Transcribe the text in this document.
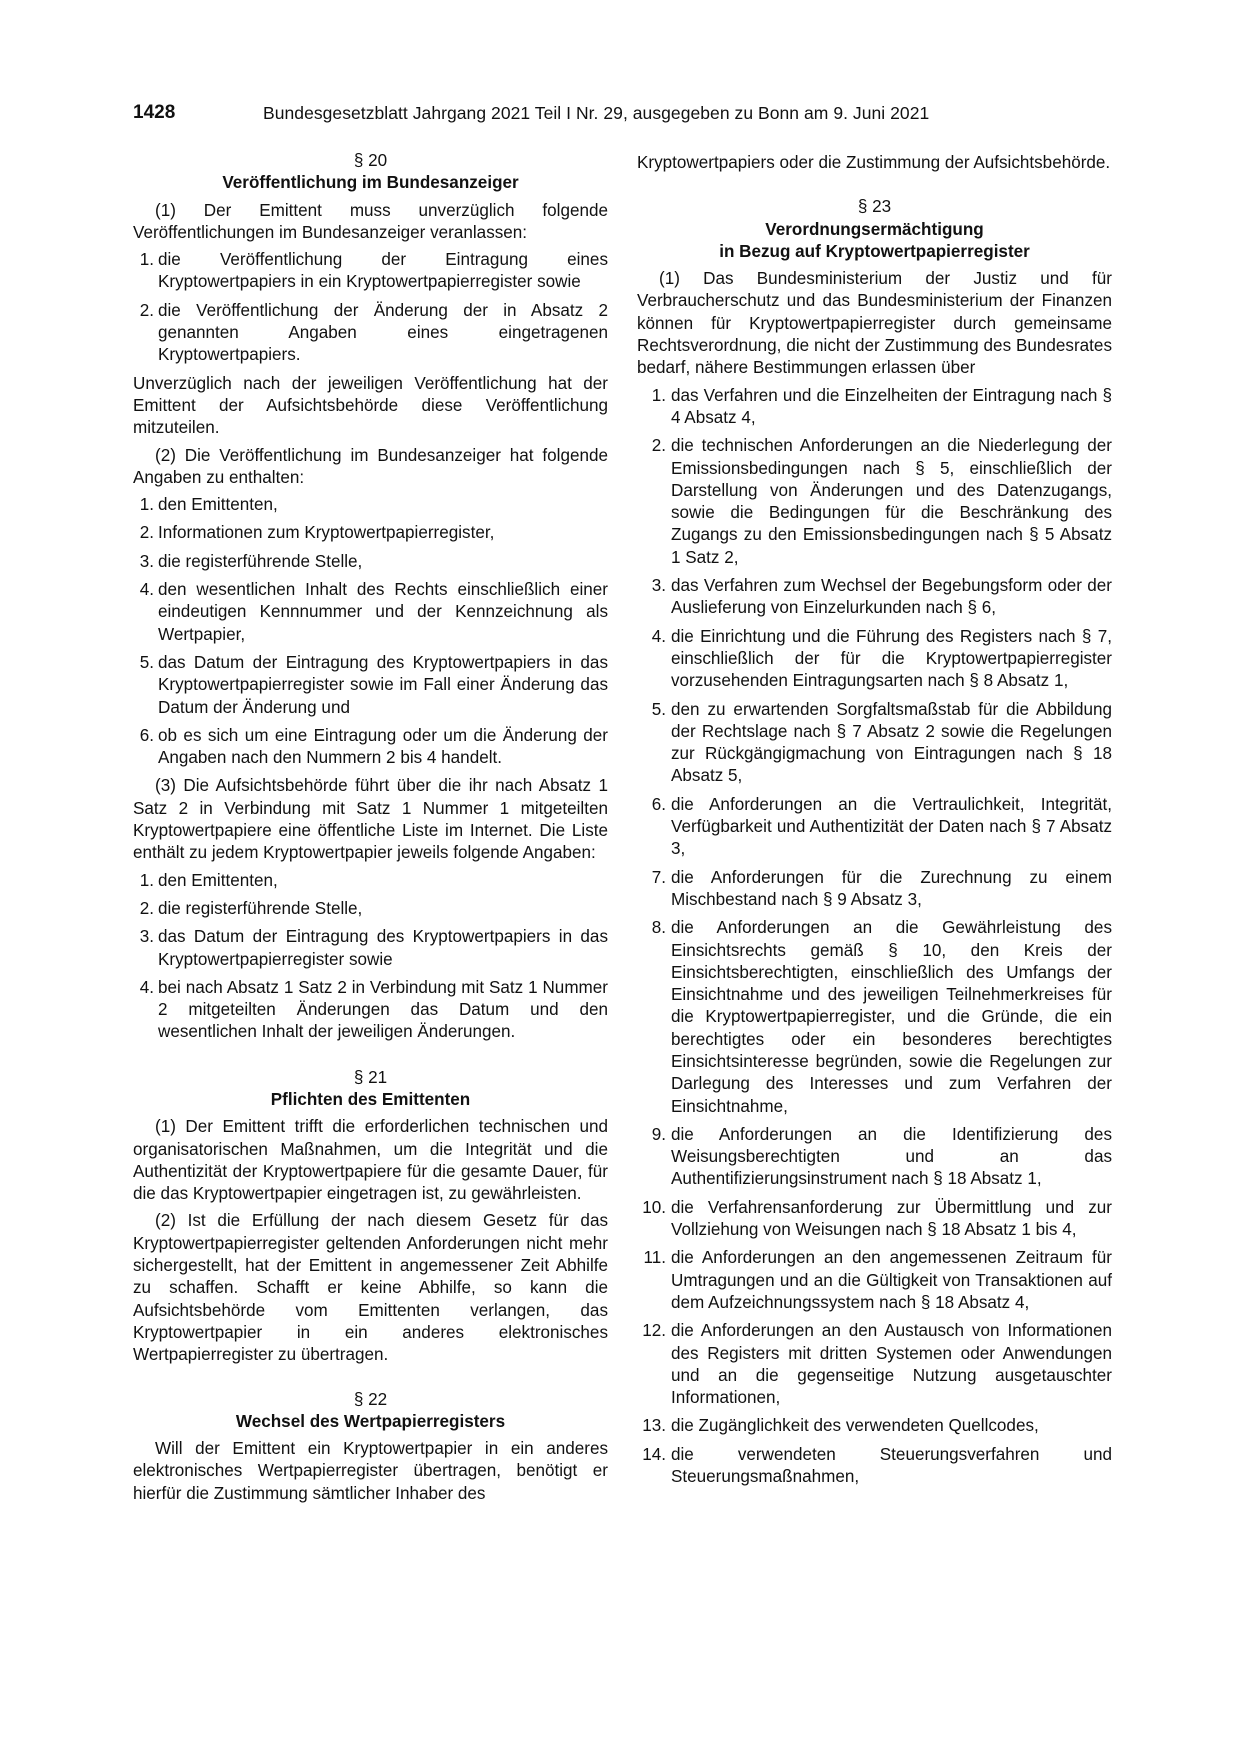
1428	Bundesgesetzblatt Jahrgang 2021 Teil I Nr. 29, ausgegeben zu Bonn am 9. Juni 2021
§ 20
Veröffentlichung im Bundesanzeiger

(1) Der Emittent muss unverzüglich folgende Veröffentlichungen im Bundesanzeiger veranlassen:

1. die Veröffentlichung der Eintragung eines Kryptowertpapiers in ein Kryptowertpapierregister sowie
2. die Veröffentlichung der Änderung der in Absatz 2 genannten Angaben eines eingetragenen Kryptowertpapiers.

Unverzüglich nach der jeweiligen Veröffentlichung hat der Emittent der Aufsichtsbehörde diese Veröffentlichung mitzuteilen.

(2) Die Veröffentlichung im Bundesanzeiger hat folgende Angaben zu enthalten:

1. den Emittenten,
2. Informationen zum Kryptowertpapierregister,
3. die registerführende Stelle,
4. den wesentlichen Inhalt des Rechts einschließlich einer eindeutigen Kennnummer und der Kennzeichnung als Wertpapier,
5. das Datum der Eintragung des Kryptowertpapiers in das Kryptowertpapierregister sowie im Fall einer Änderung das Datum der Änderung und
6. ob es sich um eine Eintragung oder um die Änderung der Angaben nach den Nummern 2 bis 4 handelt.

(3) Die Aufsichtsbehörde führt über die ihr nach Absatz 1 Satz 2 in Verbindung mit Satz 1 Nummer 1 mitgeteilten Kryptowertpapiere eine öffentliche Liste im Internet. Die Liste enthält zu jedem Kryptowertpapier jeweils folgende Angaben:

1. den Emittenten,
2. die registerführende Stelle,
3. das Datum der Eintragung des Kryptowertpapiers in das Kryptowertpapierregister sowie
4. bei nach Absatz 1 Satz 2 in Verbindung mit Satz 1 Nummer 2 mitgeteilten Änderungen das Datum und den wesentlichen Inhalt der jeweiligen Änderungen.
§ 21
Pflichten des Emittenten

(1) Der Emittent trifft die erforderlichen technischen und organisatorischen Maßnahmen, um die Integrität und die Authentizität der Kryptowertpapiere für die gesamte Dauer, für die das Kryptowertpapier eingetragen ist, zu gewährleisten.

(2) Ist die Erfüllung der nach diesem Gesetz für das Kryptowertpapierregister geltenden Anforderungen nicht mehr sichergestellt, hat der Emittent in angemessener Zeit Abhilfe zu schaffen. Schafft er keine Abhilfe, so kann die Aufsichtsbehörde vom Emittenten verlangen, das Kryptowertpapier in ein anderes elektronisches Wertpapierregister zu übertragen.

§ 22
Wechsel des Wertpapierregisters

Will der Emittent ein Kryptowertpapier in ein anderes elektronisches Wertpapierregister übertragen, benötigt er hierfür die Zustimmung sämtlicher Inhaber des

Kryptowertpapiers oder die Zustimmung der Aufsichtsbehörde.

§ 23
Verordnungsermächtigung
in Bezug auf Kryptowertpapierregister

(1) Das Bundesministerium der Justiz und für Verbraucherschutz und das Bundesministerium der Finanzen können für Kryptowertpapierregister durch gemeinsame Rechtsverordnung, die nicht der Zustimmung des Bundesrates bedarf, nähere Bestimmungen erlassen über

1. das Verfahren und die Einzelheiten der Eintragung nach § 4 Absatz 4,
2. die technischen Anforderungen an die Niederlegung der Emissionsbedingungen nach § 5, einschließlich der Darstellung von Änderungen und des Datenzugangs, sowie die Bedingungen für die Beschränkung des Zugangs zu den Emissionsbedingungen nach § 5 Absatz 1 Satz 2,
3. das Verfahren zum Wechsel der Begebungsform oder der Auslieferung von Einzelurkunden nach § 6,
4. die Einrichtung und die Führung des Registers nach § 7, einschließlich der für die Kryptowertpapierregister vorzusehenden Eintragungsarten nach § 8 Absatz 1,
5. den zu erwartenden Sorgfaltsmaßstab für die Abbildung der Rechtslage nach § 7 Absatz 2 sowie die Regelungen zur Rückgängigmachung von Eintragungen nach § 18 Absatz 5,
6. die Anforderungen an die Vertraulichkeit, Integrität, Verfügbarkeit und Authentizität der Daten nach § 7 Absatz 3,
7. die Anforderungen für die Zurechnung zu einem Mischbestand nach § 9 Absatz 3,
8. die Anforderungen an die Gewährleistung des Einsichtsrechts gemäß § 10, den Kreis der Einsichtsberechtigten, einschließlich des Umfangs der Einsichtnahme und des jeweiligen Teilnehmerkreises für die Kryptowertpapierregister, und die Gründe, die ein berechtigtes oder ein besonderes berechtigtes Einsichtsinteresse begründen, sowie die Regelungen zur Darlegung des Interesses und zum Verfahren der Einsichtnahme,
9. die Anforderungen an die Identifizierung des Weisungsberechtigten und an das Authentifizierungsinstrument nach § 18 Absatz 1,
10. die Verfahrensanforderung zur Übermittlung und zur Vollziehung von Weisungen nach § 18 Absatz 1 bis 4,
11. die Anforderungen an den angemessenen Zeitraum für Umtragungen und an die Gültigkeit von Transaktionen auf dem Aufzeichnungssystem nach § 18 Absatz 4,
12. die Anforderungen an den Austausch von Informationen des Registers mit dritten Systemen oder Anwendungen und an die gegenseitige Nutzung ausgetauschter Informationen,
13. die Zugänglichkeit des verwendeten Quellcodes,
14. die verwendeten Steuerungsverfahren und Steuerungsmaßnahmen,
